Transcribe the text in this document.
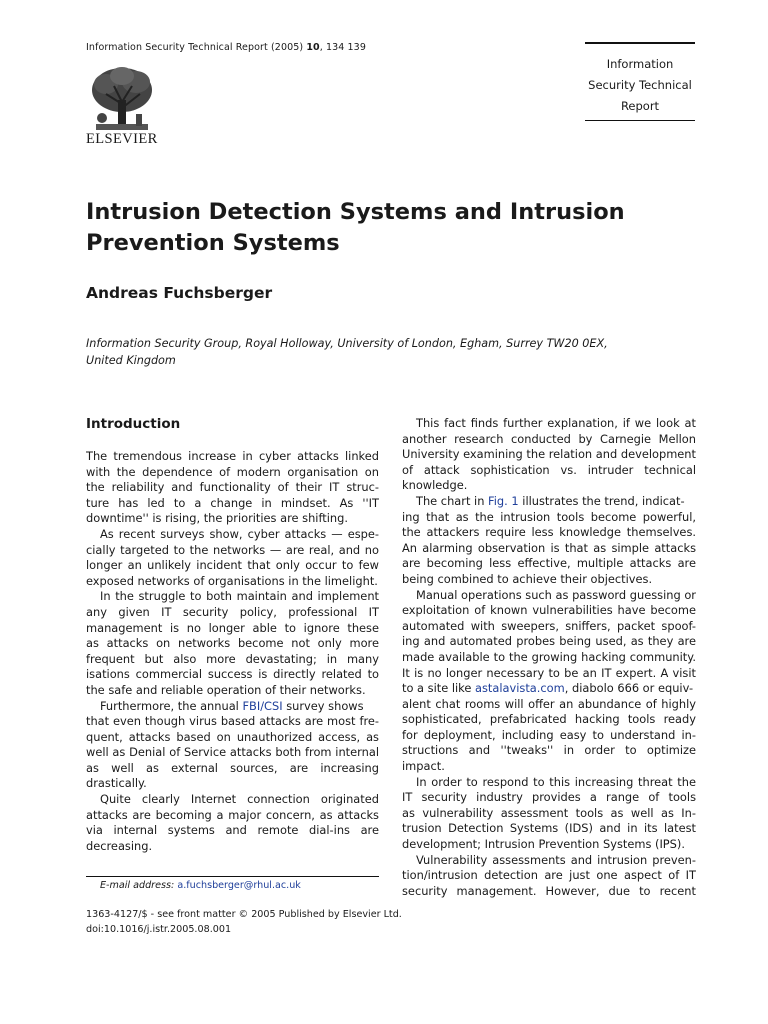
Information Security Technical Report (2005) 10, 134 139
ELSEVIER
Information
Security Technical
Report
Intrusion Detection Systems and Intrusion
Prevention Systems
Andreas Fuchsberger
Information Security Group, Royal Holloway, University of London, Egham, Surrey TW20 0EX,
United Kingdom
Introduction
The tremendous increase in cyber attacks linked
with the dependence of modern organisation on
the reliability and functionality of their IT struc-
ture has led to a change in mindset. As ''IT
downtime'' is rising, the priorities are shifting.
As recent surveys show, cyber attacks — espe-
cially targeted to the networks — are real, and no
longer an unlikely incident that only occur to few
exposed networks of organisations in the limelight.
In the struggle to both maintain and implement
any given IT security policy, professional IT
management is no longer able to ignore these
as attacks on networks become not only more
frequent but also more devastating; in many
isations commercial success is directly related to
the safe and reliable operation of their networks.
Furthermore, the annual FBI/CSI survey shows
that even though virus based attacks are most fre-
quent, attacks based on unauthorized access, as
well as Denial of Service attacks both from internal
as well as external sources, are increasing
drastically.
Quite clearly Internet connection originated
attacks are becoming a major concern, as attacks
via internal systems and remote dial-ins are
decreasing.
This fact finds further explanation, if we look at
another research conducted by Carnegie Mellon
University examining the relation and development
of attack sophistication vs. intruder technical
knowledge.
The chart in Fig. 1 illustrates the trend, indicat-
ing that as the intrusion tools become powerful,
the attackers require less knowledge themselves.
An alarming observation is that as simple attacks
are becoming less effective, multiple attacks are
being combined to achieve their objectives.
Manual operations such as password guessing or
exploitation of known vulnerabilities have become
automated with sweepers, sniffers, packet spoof-
ing and automated probes being used, as they are
made available to the growing hacking community.
It is no longer necessary to be an IT expert. A visit
to a site like astalavista.com, diabolo 666 or equiv-
alent chat rooms will offer an abundance of highly
sophisticated, prefabricated hacking tools ready
for deployment, including easy to understand in-
structions and ''tweaks'' in order to optimize
impact.
In order to respond to this increasing threat the
IT security industry provides a range of tools
as vulnerability assessment tools as well as In-
trusion Detection Systems (IDS) and in its latest
development; Intrusion Prevention Systems (IPS).
Vulnerability assessments and intrusion preven-
tion/intrusion detection are just one aspect of IT
security management. However, due to recent
E-mail address: a.fuchsberger@rhul.ac.uk
1363-4127/$ - see front matter © 2005 Published by Elsevier Ltd.
doi:10.1016/j.istr.2005.08.001
